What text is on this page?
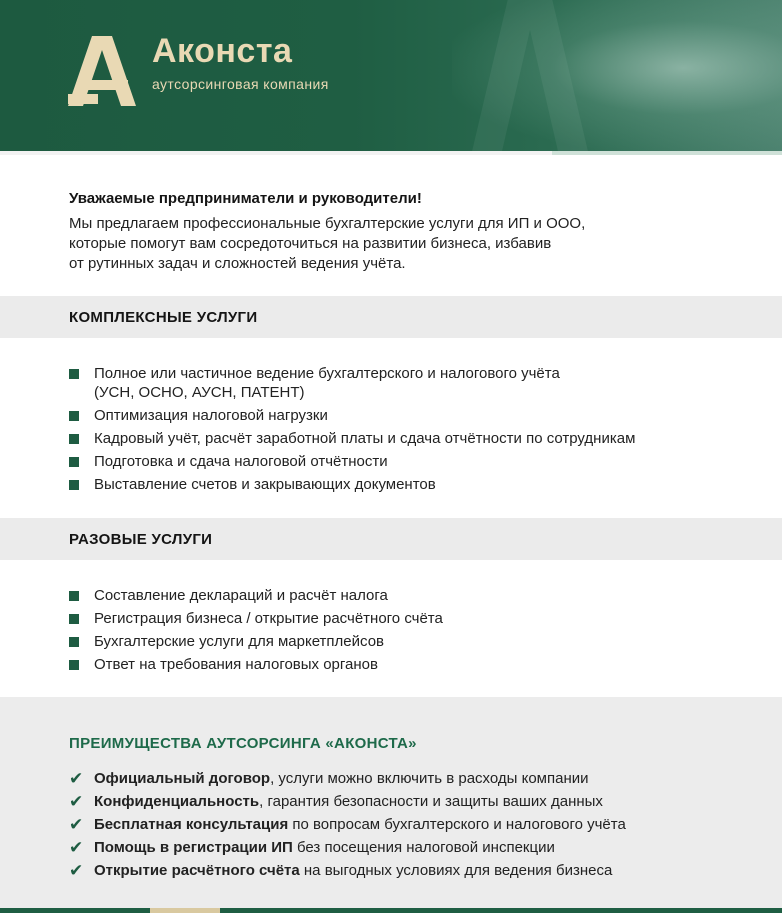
Аконста
аутсорсинговая компания
Уважаемые предприниматели и руководители!
Мы предлагаем профессиональные бухгалтерские услуги для ИП и ООО,
которые помогут вам сосредоточиться на развитии бизнеса, избавив
от рутинных задач и сложностей ведения учёта.
КОМПЛЕКСНЫЕ УСЛУГИ
Полное или частичное ведение бухгалтерского и налогового учёта
(УСН, ОСНО, АУСН, ПАТЕНТ)
Оптимизация налоговой нагрузки
Кадровый учёт, расчёт заработной платы и сдача отчётности по сотрудникам
Подготовка и сдача налоговой отчётности
Выставление счетов и закрывающих документов
РАЗОВЫЕ УСЛУГИ
Составление деклараций и расчёт налога
Регистрация бизнеса / открытие расчётного счёта
Бухгалтерские услуги для маркетплейсов
Ответ на требования налоговых органов
ПРЕИМУЩЕСТВА АУТСОРСИНГА «АКОНСТА»
✔ Официальный договор, услуги можно включить в расходы компании
✔ Конфиденциальность, гарантия безопасности и защиты ваших данных
✔ Бесплатная консультация по вопросам бухгалтерского и налогового учёта
✔ Помощь в регистрации ИП без посещения налоговой инспекции
✔ Открытие расчётного счёта на выгодных условиях для ведения бизнеса
